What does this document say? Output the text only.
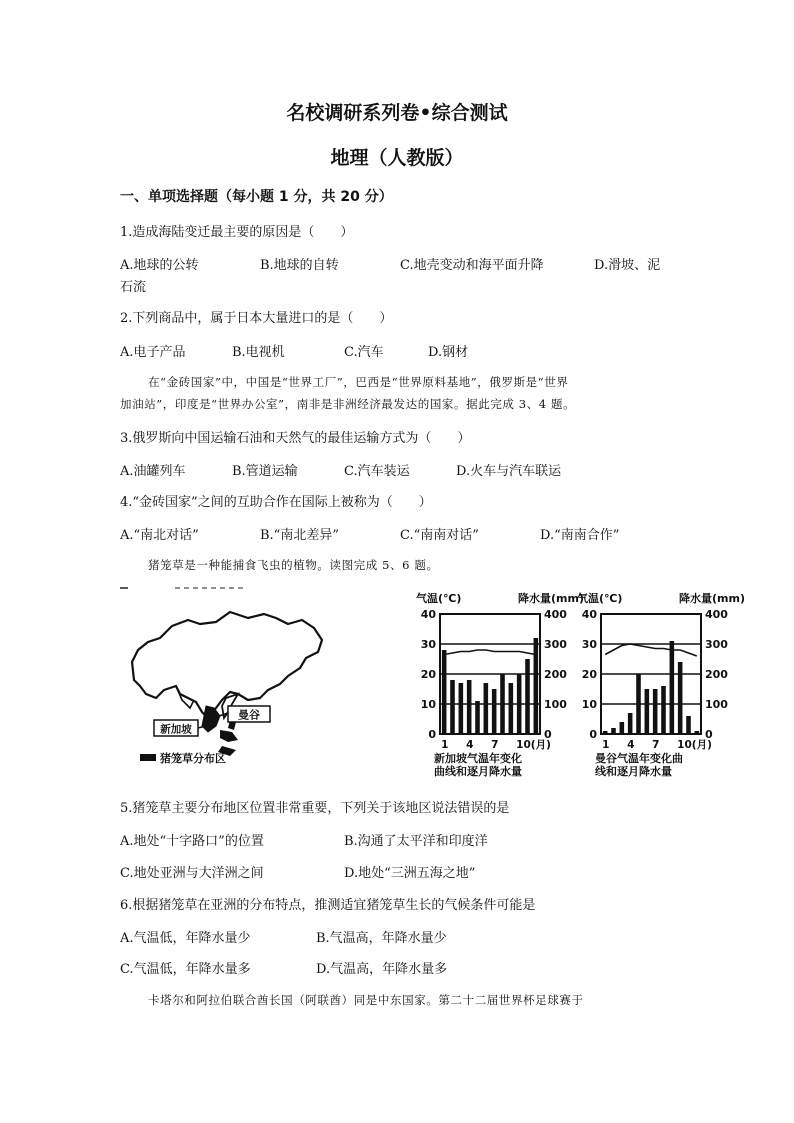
名校调研系列卷•综合测试
地理（人教版）
一、单项选择题（每小题 1 分，共 20 分）
1.造成海陆变迁最主要的原因是（　　）
A.地球的公转	B.地球的自转	C.地壳变动和海平面升降	D.滑坡、泥
石流
2.下列商品中，属于日本大量进口的是（　　）
A.电子产品	B.电视机	C.汽车	D.钢材
在“金砖国家”中，中国是“世界工厂”，巴西是“世界原料基地”，俄罗斯是“世界
加油站”，印度是“世界办公室”，南非是非洲经济最发达的国家。据此完成 3、4 题。
3.俄罗斯向中国运输石油和天然气的最佳运输方式为（　　）
A.油罐列车	B.管道运输	C.汽车装运	D.火车与汽车联运
4.“金砖国家”之间的互助合作在国际上被称为（　　）
A.“南北对话”	B.“南北差异”	C.“南南对话”	D.“南南合作”
猪笼草是一种能捕食飞虫的植物。读图完成 5、6 题。
曼谷
新加坡
猪笼草分布区
气温(℃)	降水量(mm)
0
10
20
30
40
0
100
200
300
400
1 4 7 10(月)
新加坡气温年变化
曲线和逐月降水量
气温(℃)	降水量(mm)
0
10
20
30
40
0
100
200
300
400
1 4 7 10(月)
曼谷气温年变化曲
线和逐月降水量
5.猪笼草主要分布地区位置非常重要，下列关于该地区说法错误的是
A.地处“十字路口”的位置	B.沟通了太平洋和印度洋
C.地处亚洲与大洋洲之间	D.地处“三洲五海之地”
6.根据猪笼草在亚洲的分布特点，推测适宜猪笼草生长的气候条件可能是
A.气温低，年降水量少	B.气温高，年降水量少
C.气温低，年降水量多	D.气温高，年降水量多
卡塔尔和阿拉伯联合酋长国（阿联酋）同是中东国家。第二十二届世界杯足球赛于
